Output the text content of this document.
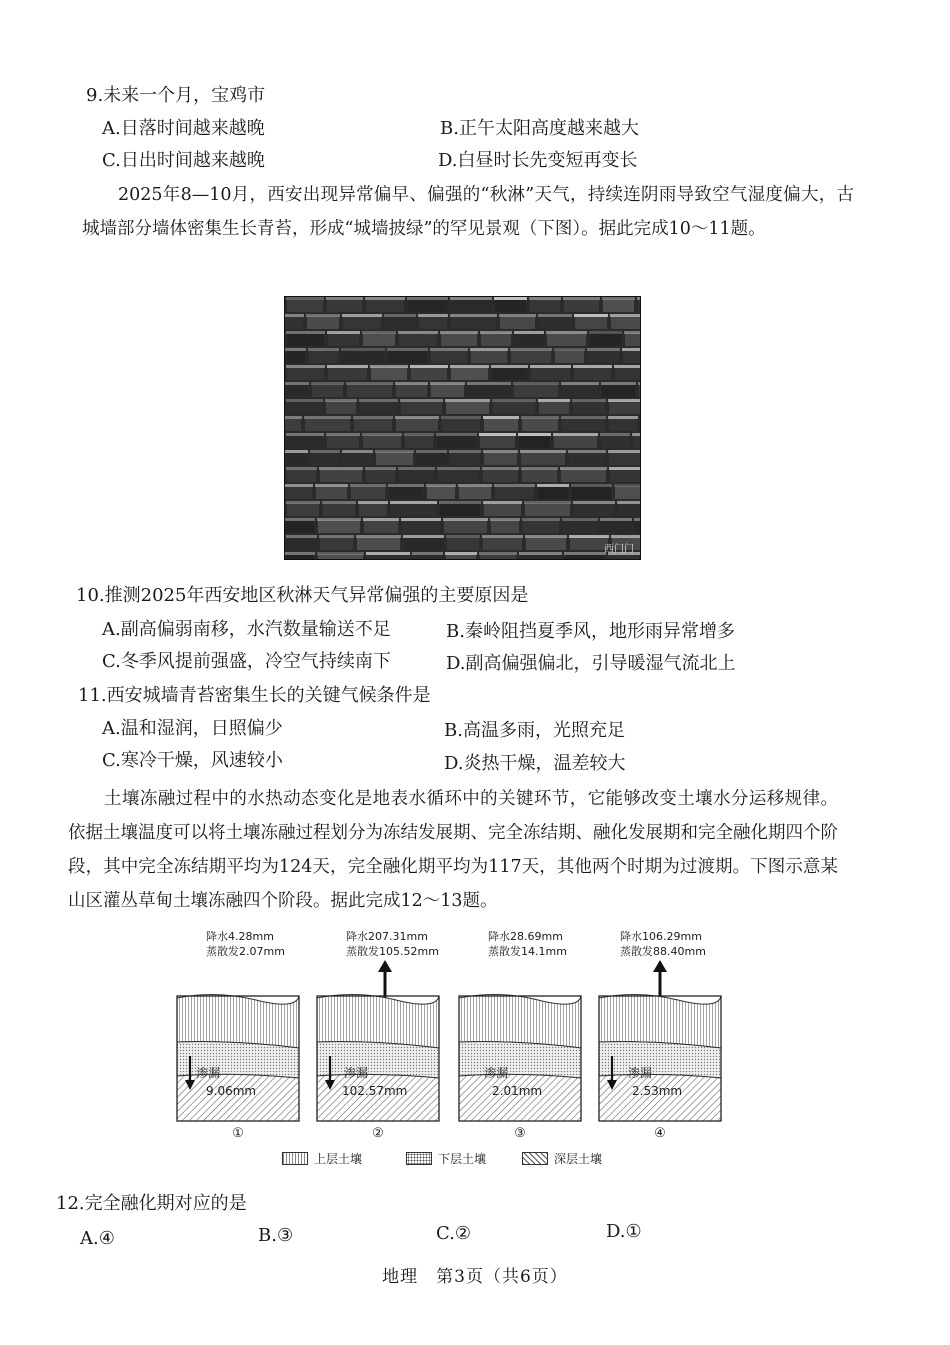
9.未来一个月，宝鸡市
A.日落时间越来越晚	B.正午太阳高度越来越大
C.日出时间越来越晚	D.白昼时长先变短再变长
2025年8—10月，西安出现异常偏早、偏强的“秋淋”天气，持续连阴雨导致空气湿度偏大，古城墙部分墙体密集生长青苔，形成“城墙披绿”的罕见景观（下图）。据此完成10～11题。
西门门
10.推测2025年西安地区秋淋天气异常偏强的主要原因是
A.副高偏弱南移，水汽数量输送不足	B.秦岭阻挡夏季风，地形雨异常增多
C.冬季风提前强盛，冷空气持续南下	D.副高偏强偏北，引导暖湿气流北上
11.西安城墙青苔密集生长的关键气候条件是
A.温和湿润，日照偏少	B.高温多雨，光照充足
C.寒冷干燥，风速较小	D.炎热干燥，温差较大
土壤冻融过程中的水热动态变化是地表水循环中的关键环节，它能够改变土壤水分运移规律。依据土壤温度可以将土壤冻融过程划分为冻结发展期、完全冻结期、融化发展期和完全融化期四个阶段，其中完全冻结期平均为124天，完全融化期平均为117天，其他两个时期为过渡期。下图示意某山区灌丛草甸土壤冻融四个阶段。据此完成12～13题。
降水4.28mm
蒸散发2.07mm
渗漏
9.06mm
①
降水207.31mm
蒸散发105.52mm
渗漏
102.57mm
②
降水28.69mm
蒸散发14.1mm
渗漏
2.01mm
③
降水106.29mm
蒸散发88.40mm
渗漏
2.53mm
④
上层土壤	下层土壤	深层土壤
12.完全融化期对应的是
A.④	B.③	C.②	D.①
地理　第3页（共6页）
